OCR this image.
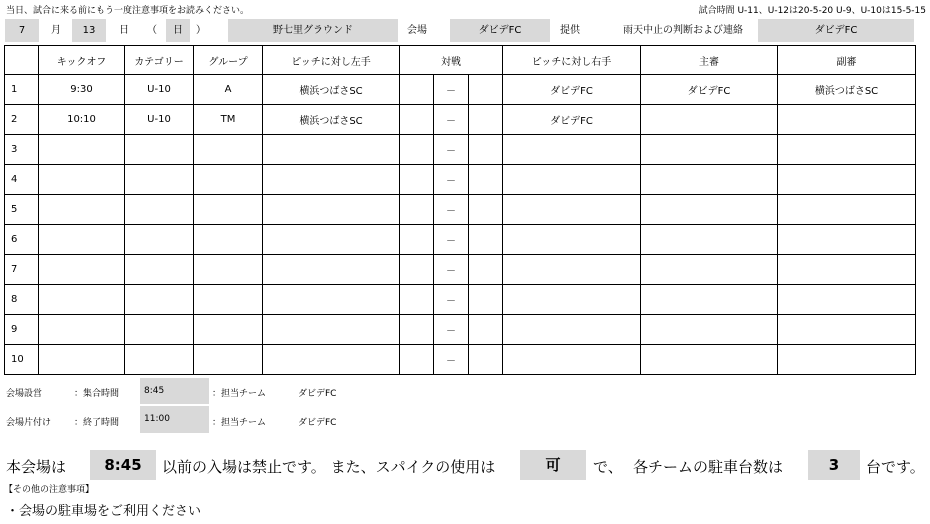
当日、試合に来る前にもう一度注意事項をお読みください。	試合時間 U-11、U-12は20-5-20 U-9、U-10は15-5-15
7	月	13	日	（	日	）	野七里グラウンド	会場	ダビデFC	提供	雨天中止の判断および連絡	ダビデFC
	キックオフ	カテゴリー	グループ	ピッチに対し左手	対戦			ピッチに対し右手	主審	副審
1	9:30	U-10	A	横浜つばさSC		－		ダビデFC	ダビデFC	横浜つばさSC
2	10:10	U-10	TM	横浜つばさSC		－		ダビデFC		
3						－				
4						－				
5						－				
6						－				
7						－				
8						－				
9						－				
10						－				
会場設営	：集合時間	8:45	：担当チーム	ダビデFC
会場片付け	：終了時間	11:00	：担当チーム	ダビデFC
本会場は	8:45	以前の入場は禁止です。 また、スパイクの使用は	可	で、 各チームの駐車台数は	3	台です。
【その他の注意事項】
・会場の駐車場をご利用ください
